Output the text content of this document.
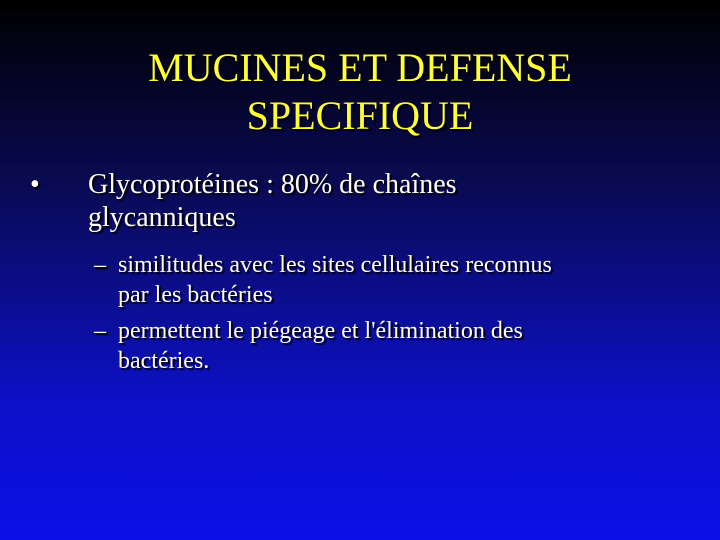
MUCINES ET DEFENSE
SPECIFIQUE
• Glycoprotéines : 80% de chaînes
glycanniques
– similitudes avec les sites cellulaires reconnus
par les bactéries
– permettent le piégeage et l'élimination des
bactéries.
